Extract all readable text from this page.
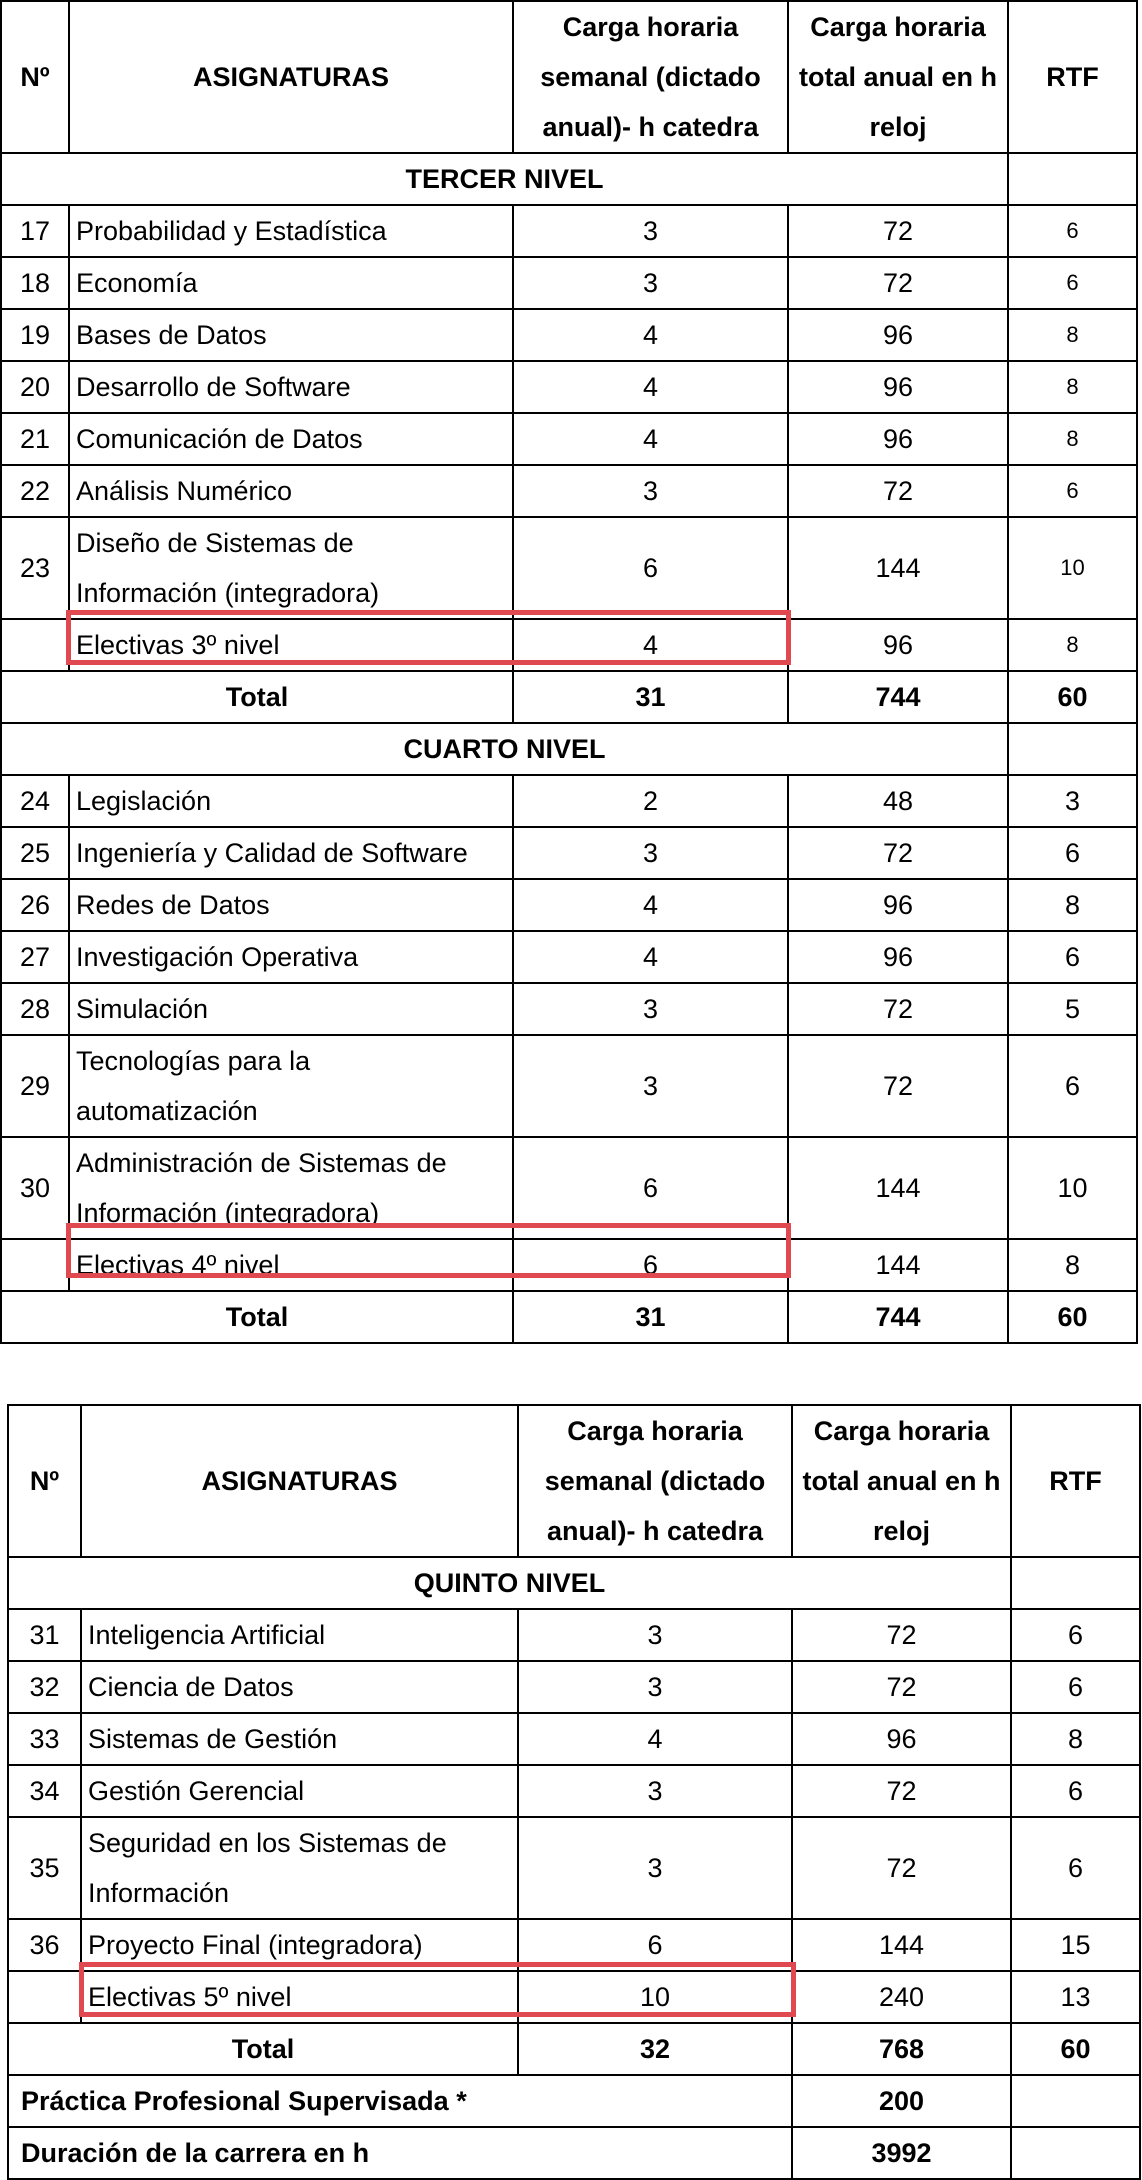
Nº	ASIGNATURAS	Carga horaria semanal (dictado anual)- h catedra	Carga horaria total anual en h reloj	RTF
TERCER NIVEL				
17	Probabilidad y Estadística	3	72	6
18	Economía	3	72	6
19	Bases de Datos	4	96	8
20	Desarrollo de Software	4	96	8
21	Comunicación de Datos	4	96	8
22	Análisis Numérico	3	72	6
23	Diseño de Sistemas de
Información (integradora)	6	144	10
	Electivas 3º nivel	4	96	8
Total		31	744	60
CUARTO NIVEL				
24	Legislación	2	48	3
25	Ingeniería y Calidad de Software	3	72	6
26	Redes de Datos	4	96	8
27	Investigación Operativa	4	96	6
28	Simulación	3	72	5
29	Tecnologías para la
automatización	3	72	6
30	Administración de Sistemas de
Información (integradora)	6	144	10
	Electivas 4º nivel	6	144	8
Total		31	744	60
Nº	ASIGNATURAS	Carga horaria semanal (dictado anual)- h catedra	Carga horaria total anual en h reloj	RTF
QUINTO NIVEL				
31	Inteligencia Artificial	3	72	6
32	Ciencia de Datos	3	72	6
33	Sistemas de Gestión	4	96	8
34	Gestión Gerencial	3	72	6
35	Seguridad en los Sistemas de
Información	3	72	6
36	Proyecto Final (integradora)	6	144	15
	Electivas 5º nivel	10	240	13
Total		32	768	60
Práctica Profesional Supervisada *			200	
Duración de la carrera en h			3992	
